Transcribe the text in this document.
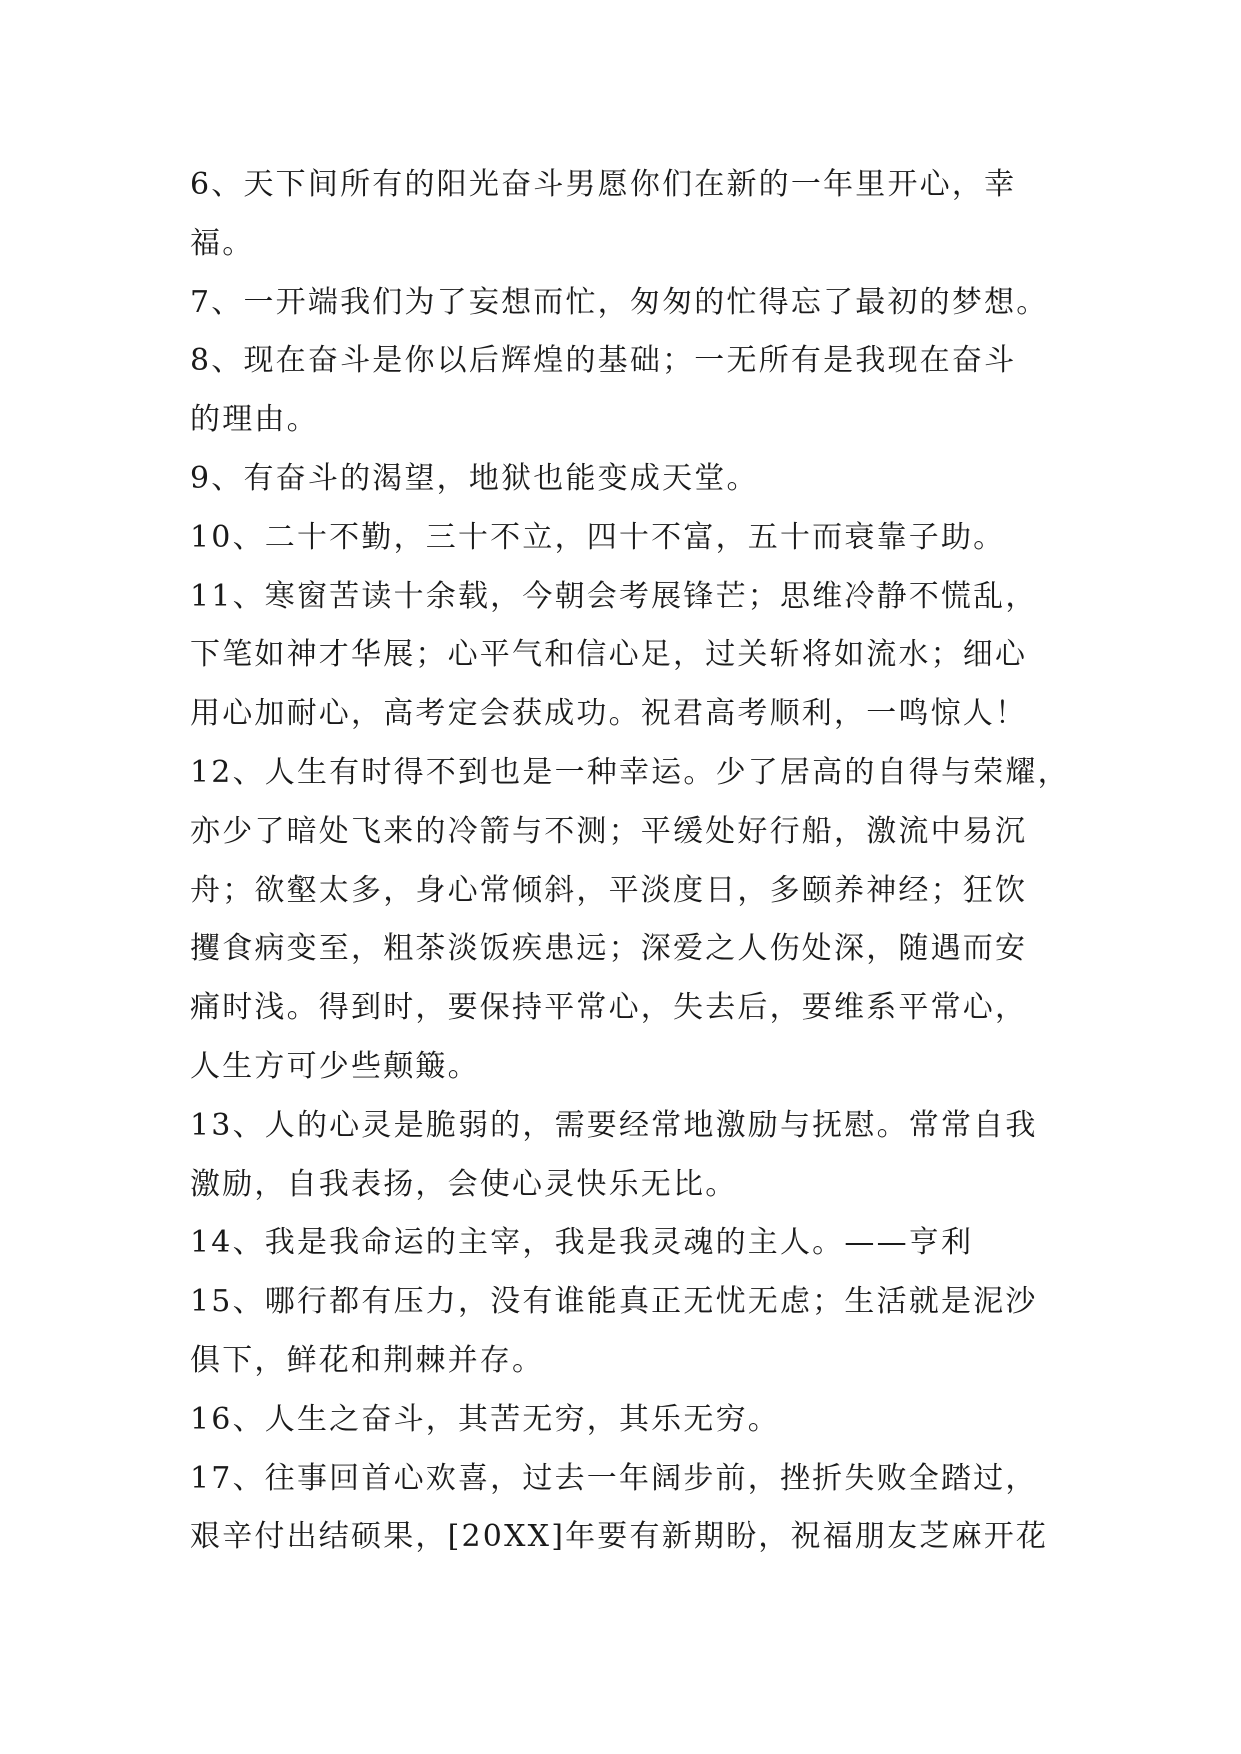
6、天下间所有的阳光奋斗男愿你们在新的一年里开心，幸
福。
7、一开端我们为了妄想而忙，匆匆的忙得忘了最初的梦想。
8、现在奋斗是你以后辉煌的基础；一无所有是我现在奋斗
的理由。
9、有奋斗的渴望，地狱也能变成天堂。
10、二十不勤，三十不立，四十不富，五十而衰靠子助。
11、寒窗苦读十余载，今朝会考展锋芒；思维冷静不慌乱，
下笔如神才华展；心平气和信心足，过关斩将如流水；细心
用心加耐心，高考定会获成功。祝君高考顺利，一鸣惊人！
12、人生有时得不到也是一种幸运。少了居高的自得与荣耀，
亦少了暗处飞来的冷箭与不测；平缓处好行船，激流中易沉
舟；欲壑太多，身心常倾斜，平淡度日，多颐养神经；狂饮
攫食病变至，粗茶淡饭疾患远；深爱之人伤处深，随遇而安
痛时浅。得到时，要保持平常心，失去后，要维系平常心，
人生方可少些颠簸。
13、人的心灵是脆弱的，需要经常地激励与抚慰。常常自我
激励，自我表扬，会使心灵快乐无比。
14、我是我命运的主宰，我是我灵魂的主人。——亨利
15、哪行都有压力，没有谁能真正无忧无虑；生活就是泥沙
俱下，鲜花和荆棘并存。
16、人生之奋斗，其苦无穷，其乐无穷。
17、往事回首心欢喜，过去一年阔步前，挫折失败全踏过，
艰辛付出结硕果，[20XX]年要有新期盼，祝福朋友芝麻开花
